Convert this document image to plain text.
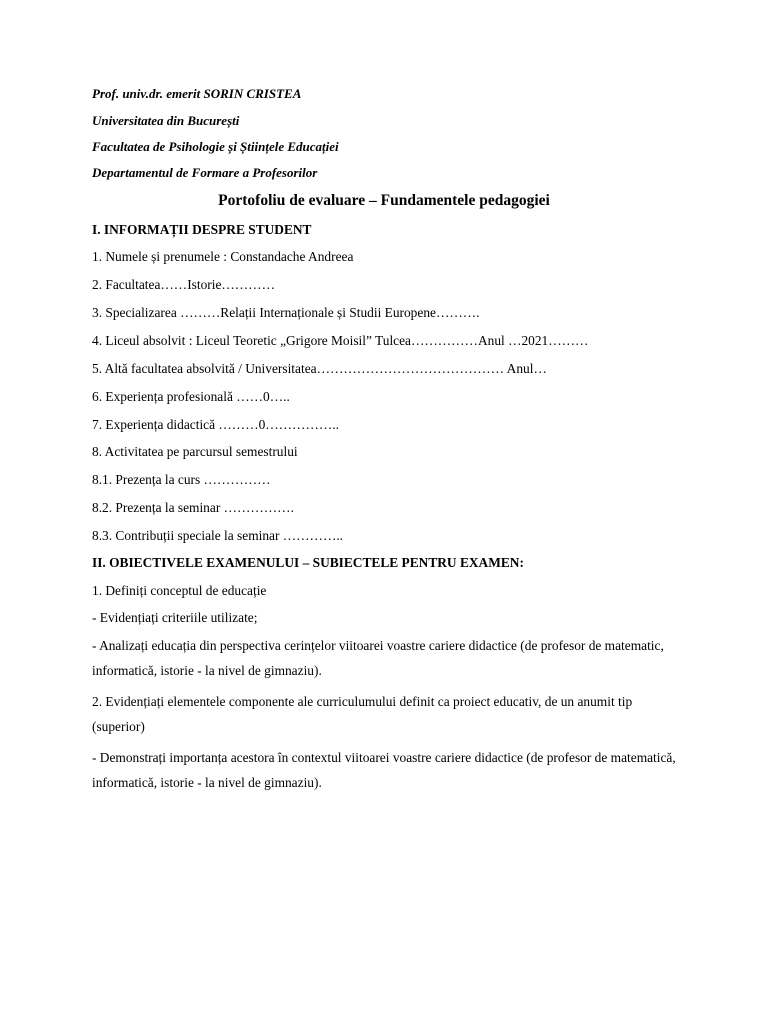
Prof. univ.dr. emerit SORIN CRISTEA
Universitatea din București
Facultatea de Psihologie și Științele Educației
Departamentul de Formare a Profesorilor
Portofoliu de evaluare – Fundamentele pedagogiei
I. INFORMAȚII DESPRE STUDENT
1. Numele și prenumele : Constandache Andreea
2. Facultatea……Istorie…………
3. Specializarea ………Relații Internaționale și Studii Europene……….
4. Liceul absolvit : Liceul Teoretic „Grigore Moisil” Tulcea……………Anul …2021………
5. Altă facultatea absolvită / Universitatea…………………………………… Anul…
6. Experiența profesională ……0…..
7. Experiența didactică ………0……………..
8. Activitatea pe parcursul semestrului
8.1. Prezența la curs ……………
8.2. Prezența la seminar …………….
8.3. Contribuții speciale la seminar …………..
II. OBIECTIVELE EXAMENULUI – SUBIECTELE PENTRU EXAMEN:
1. Definiți conceptul de educație
- Evidențiați criteriile utilizate;
- Analizați educația din perspectiva cerințelor viitoarei voastre cariere didactice (de profesor de matematic, informatică, istorie - la nivel de gimnaziu).
2. Evidențiați elementele componente ale curriculumului definit ca proiect educativ, de un anumit tip (superior)
- Demonstrați importanța acestora în contextul viitoarei voastre cariere didactice (de profesor de matematică, informatică, istorie - la nivel de gimnaziu).
